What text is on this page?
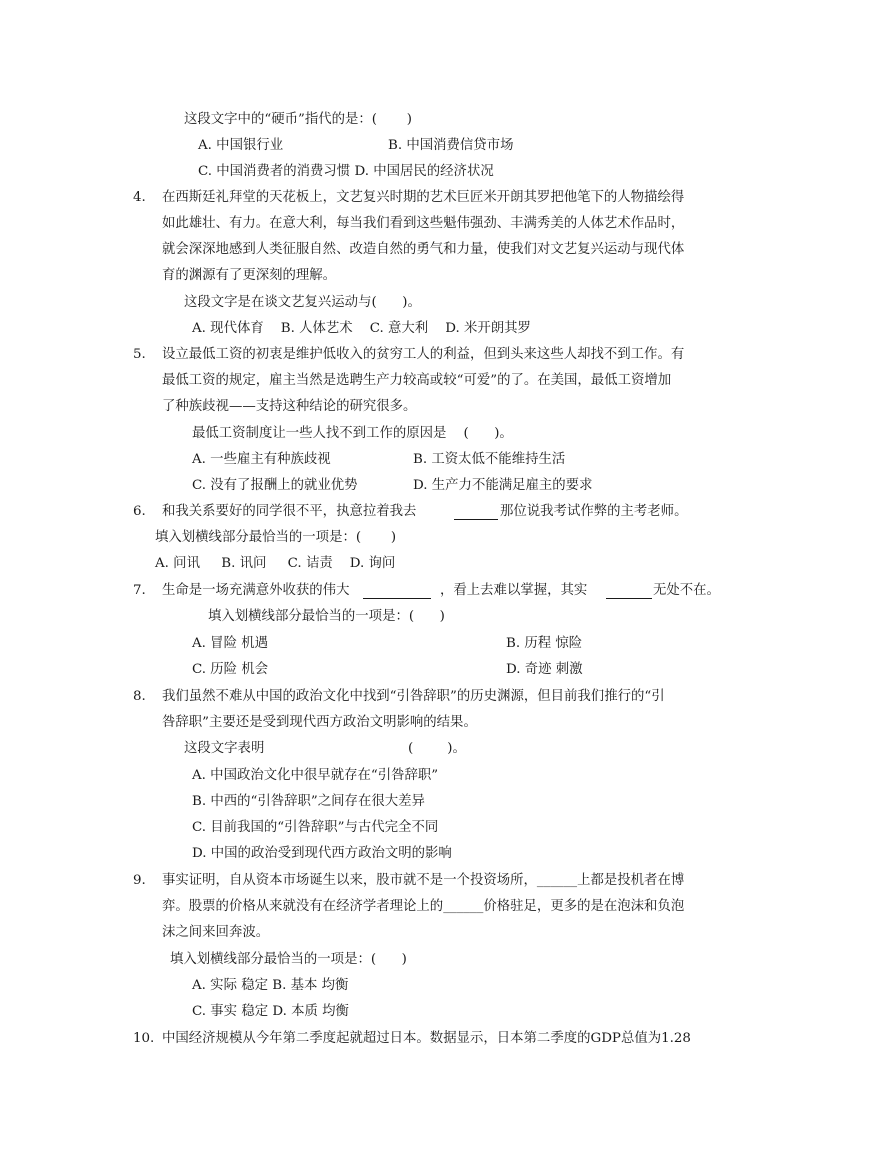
这段文字中的“硬币”指代的是：(       )
A. 中国银行业	B. 中国消费信贷市场
C. 中国消费者的消费习惯 D. 中国居民的经济状况
4. 在西斯廷礼拜堂的天花板上，文艺复兴时期的艺术巨匠米开朗其罗把他笔下的人物描绘得
如此雄壮、有力。在意大利，每当我们看到这些魁伟强劲、丰满秀美的人体艺术作品时，
就会深深地感到人类征服自然、改造自然的勇气和力量，使我们对文艺复兴运动与现代体
育的渊源有了更深刻的理解。
这段文字是在谈文艺复兴运动与(      )。
A. 现代体育    B. 人体艺术    C. 意大利    D. 米开朗其罗
5. 设立最低工资的初衷是维护低收入的贫穷工人的利益，但到头来这些人却找不到工作。有
最低工资的规定，雇主当然是选聘生产力较高或较“可爱”的了。在美国，最低工资增加
了种族歧视——支持这种结论的研究很多。
最低工资制度让一些人找不到工作的原因是    (      )。
A. 一些雇主有种族歧视	B. 工资太低不能维持生活
C. 没有了报酬上的就业优势	D. 生产力不能满足雇主的要求
6. 和我关系要好的同学很不平，执意拉着我去	那位说我考试作弊的主考老师。
填入划横线部分最恰当的一项是：(       )
A. 问讯     B. 讯问     C. 诘责    D. 询问
7. 生命是一场充满意外收获的伟大	，看上去难以掌握，其实	无处不在。
填入划横线部分最恰当的一项是：(      )
A. 冒险 机遇	B. 历程 惊险
C. 历险 机会	D. 奇迹 刺激
8. 我们虽然不难从中国的政治文化中找到“引咎辞职”的历史渊源，但目前我们推行的“引
咎辞职”主要还是受到现代西方政治文明影响的结果。
这段文字表明	(        )。
A. 中国政治文化中很早就存在“引咎辞职”
B. 中西的“引咎辞职”之间存在很大差异
C. 目前我国的“引咎辞职”与古代完全不同
D. 中国的政治受到现代西方政治文明的影响
9. 事实证明，自从资本市场诞生以来，股市就不是一个投资场所，______上都是投机者在博
弈。股票的价格从来就没有在经济学者理论上的______价格驻足，更多的是在泡沫和负泡
沫之间来回奔波。
填入划横线部分最恰当的一项是：(      )
A. 实际 稳定 B. 基本 均衡
C. 事实 稳定 D. 本质 均衡
10. 中国经济规模从今年第二季度起就超过日本。数据显示，日本第二季度的GDP总值为1.28
